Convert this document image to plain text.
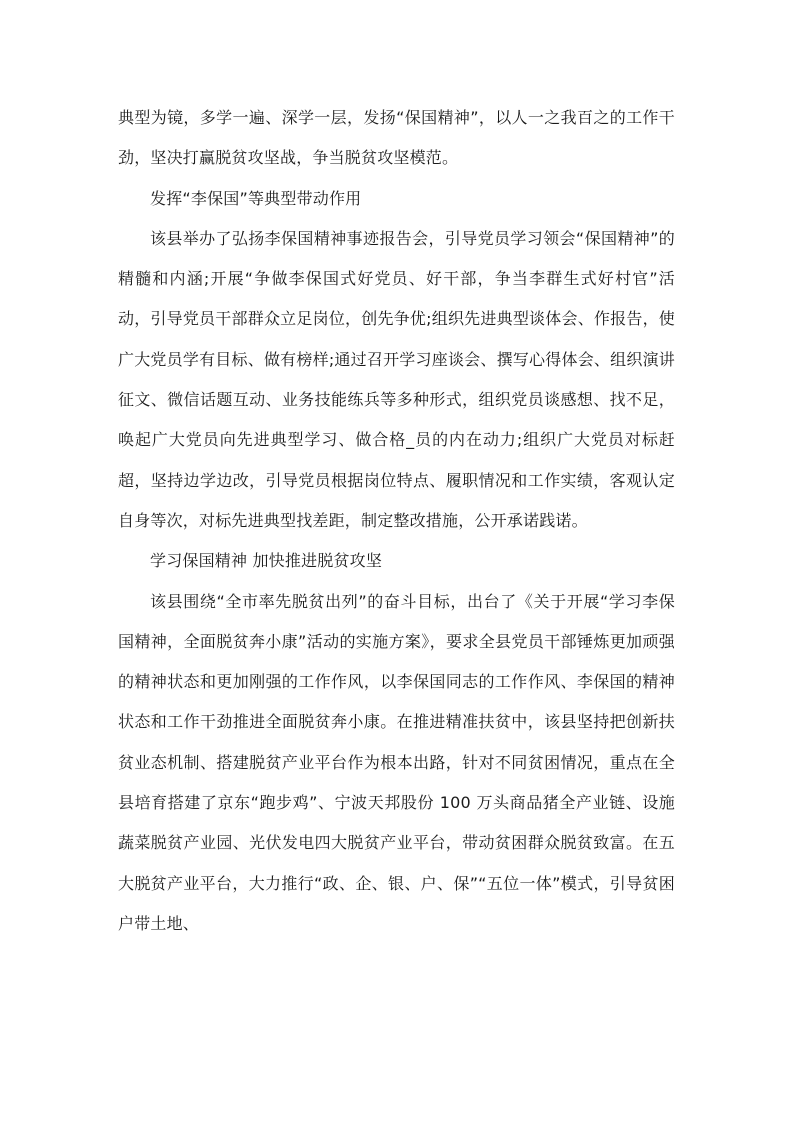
典型为镜，多学一遍、深学一层，发扬“保国精神”，以人一之我百之的工作干劲，坚决打赢脱贫攻坚战，争当脱贫攻坚模范。

发挥“李保国”等典型带动作用

该县举办了弘扬李保国精神事迹报告会，引导党员学习领会“保国精神”的精髓和内涵;开展“争做李保国式好党员、好干部，争当李群生式好村官”活动，引导党员干部群众立足岗位，创先争优;组织先进典型谈体会、作报告，使广大党员学有目标、做有榜样;通过召开学习座谈会、撰写心得体会、组织演讲征文、微信话题互动、业务技能练兵等多种形式，组织党员谈感想、找不足，唤起广大党员向先进典型学习、做合格_员的内在动力;组织广大党员对标赶超，坚持边学边改，引导党员根据岗位特点、履职情况和工作实绩，客观认定自身等次，对标先进典型找差距，制定整改措施，公开承诺践诺。

学习保国精神 加快推进脱贫攻坚

该县围绕“全市率先脱贫出列”的奋斗目标，出台了《关于开展“学习李保国精神，全面脱贫奔小康”活动的实施方案》，要求全县党员干部锤炼更加顽强的精神状态和更加刚强的工作作风，以李保国同志的工作作风、李保国的精神状态和工作干劲推进全面脱贫奔小康。在推进精准扶贫中，该县坚持把创新扶贫业态机制、搭建脱贫产业平台作为根本出路，针对不同贫困情况，重点在全县培育搭建了京东“跑步鸡”、宁波天邦股份 100 万头商品猪全产业链、设施蔬菜脱贫产业园、光伏发电四大脱贫产业平台，带动贫困群众脱贫致富。在五大脱贫产业平台，大力推行“政、企、银、户、保”“五位一体”模式，引导贫困户带土地、
